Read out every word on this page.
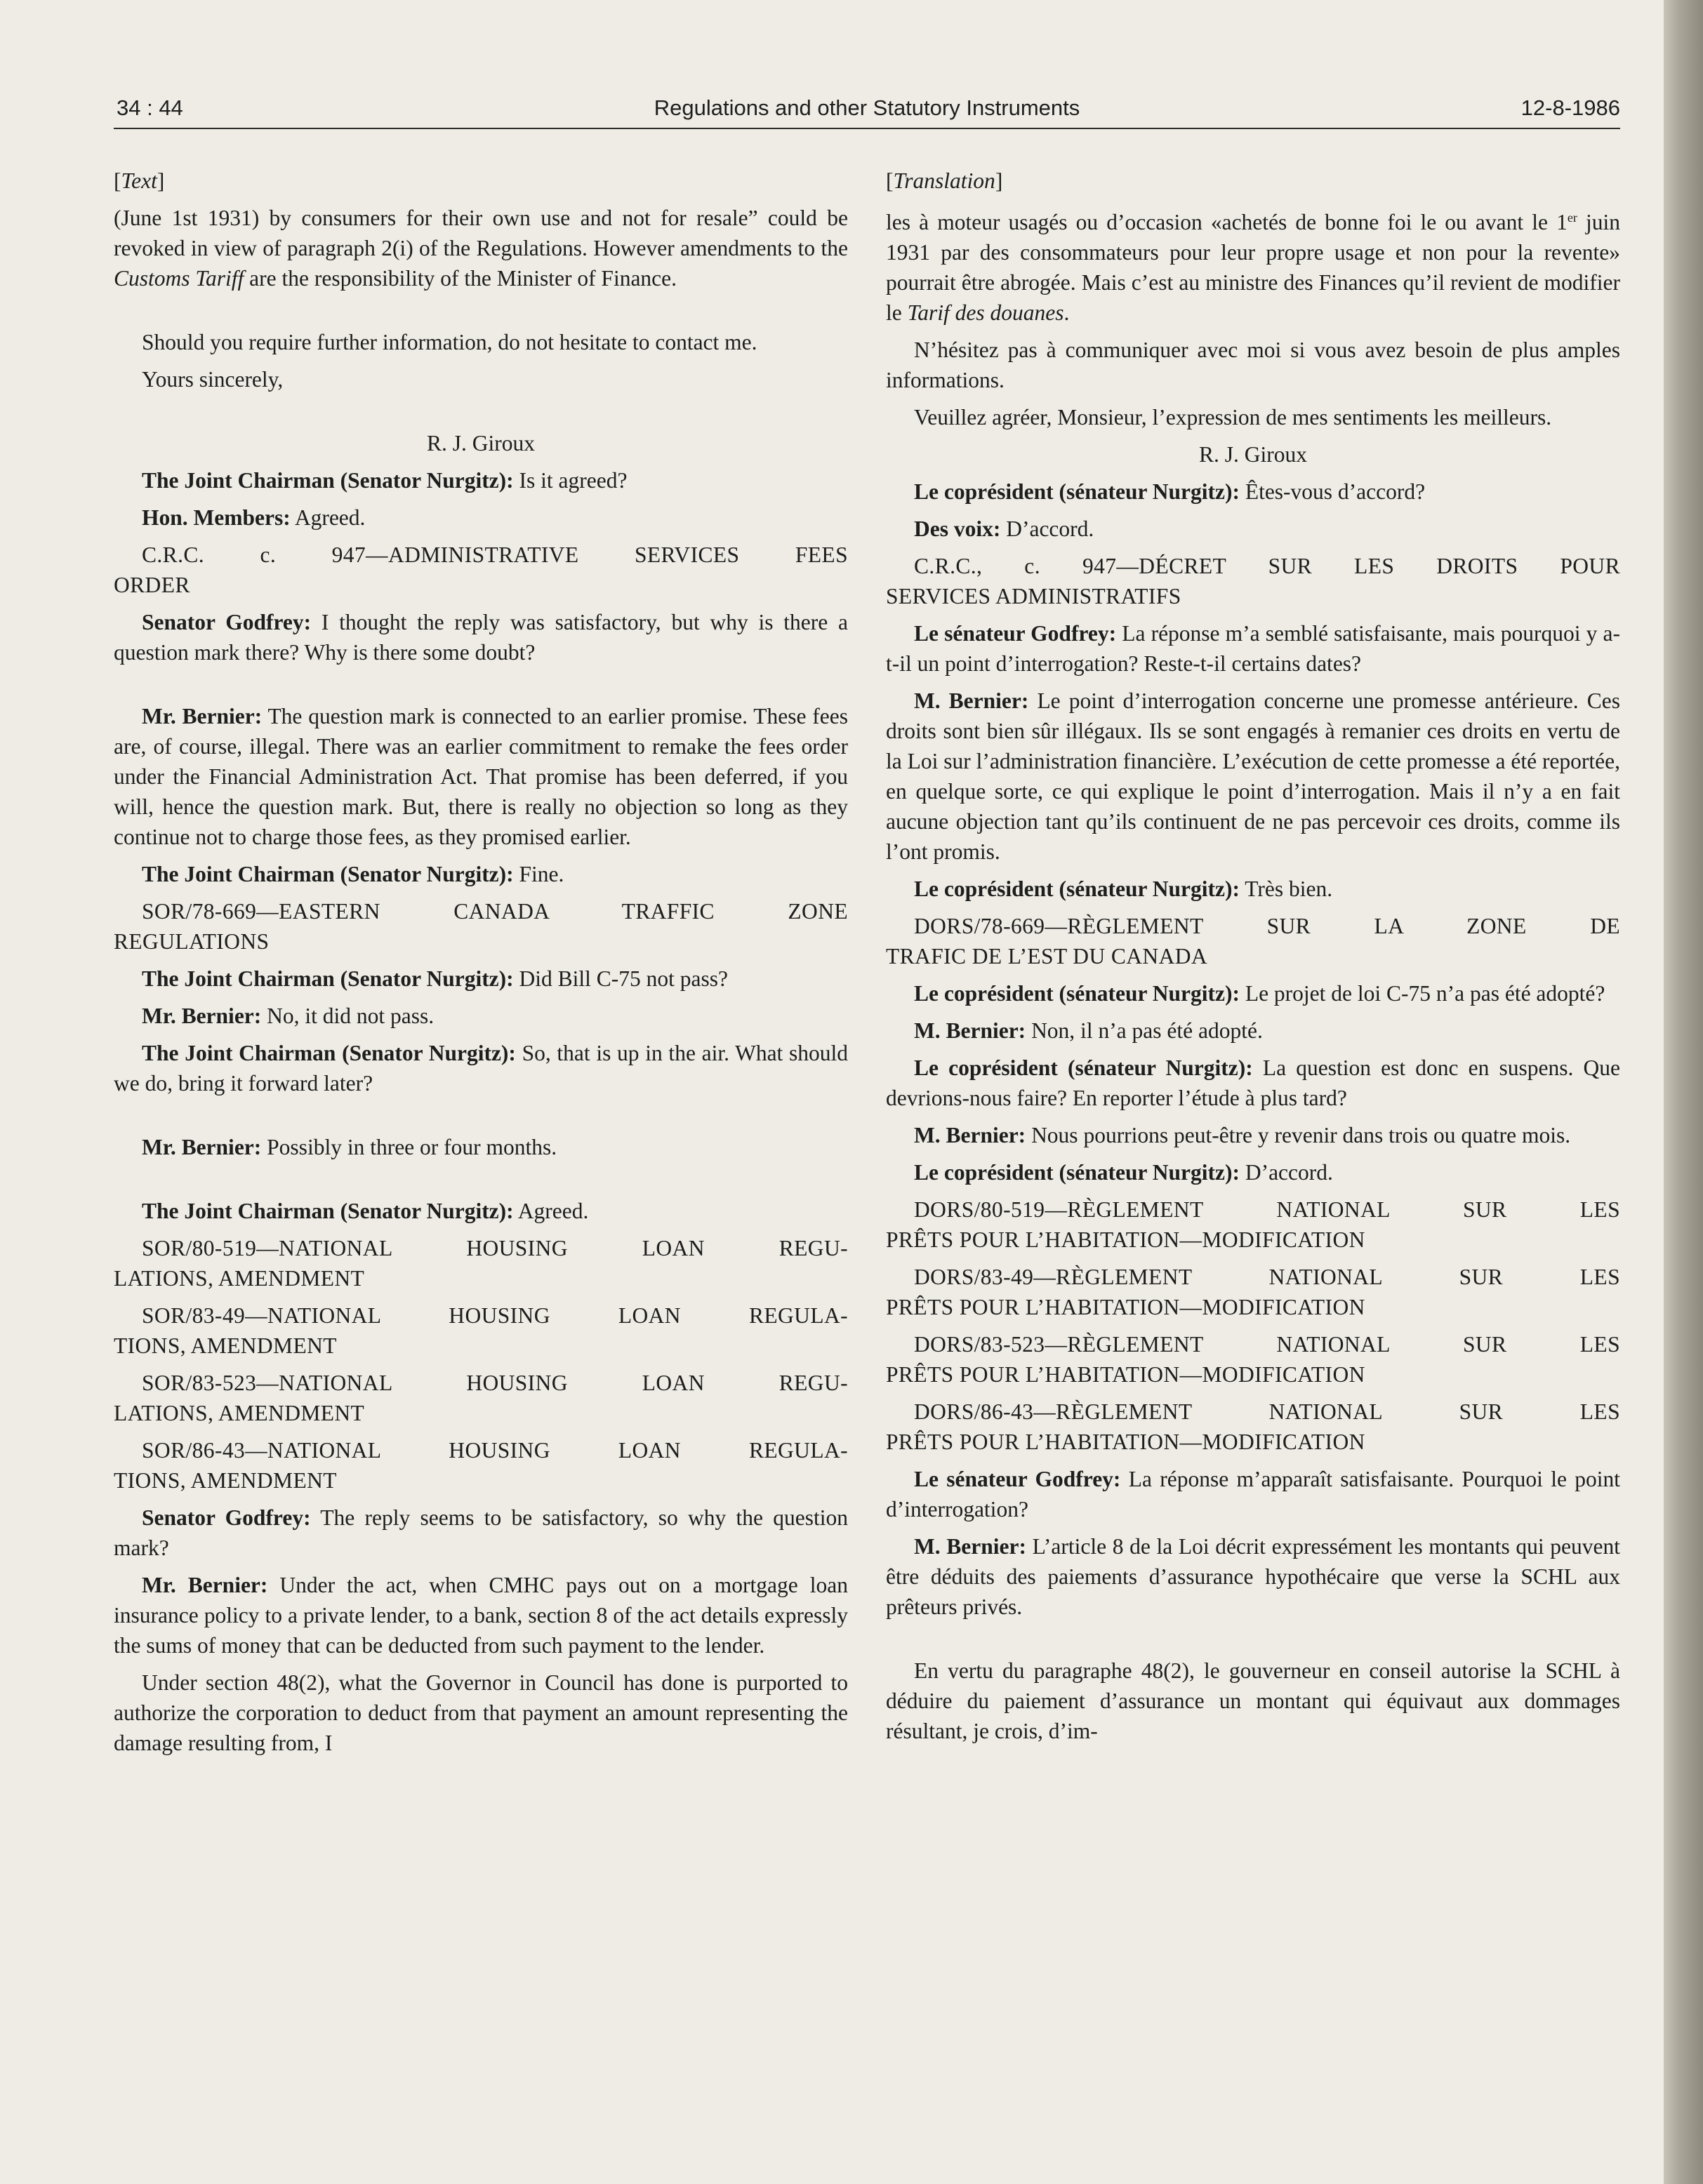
34 : 44	Regulations and other Statutory Instruments	12-8-1986

[Text]

(June 1st 1931) by consumers for their own use and not for resale” could be revoked in view of paragraph 2(i) of the Regulations. However amendments to the Customs Tariff are the responsibility of the Minister of Finance.

Should you require further information, do not hesitate to contact me.

Yours sincerely,

R. J. Giroux

The Joint Chairman (Senator Nurgitz): Is it agreed?

Hon. Members: Agreed.

C.R.C. c. 947—ADMINISTRATIVE SERVICES FEES
ORDER

Senator Godfrey: I thought the reply was satisfactory, but why is there a question mark there? Why is there some doubt?

Mr. Bernier: The question mark is connected to an earlier promise. These fees are, of course, illegal. There was an earlier commitment to remake the fees order under the Financial Administration Act. That promise has been deferred, if you will, hence the question mark. But, there is really no objection so long as they continue not to charge those fees, as they promised earlier.

The Joint Chairman (Senator Nurgitz): Fine.

SOR/78-669—EASTERN CANADA TRAFFIC ZONE
REGULATIONS

The Joint Chairman (Senator Nurgitz): Did Bill C-75 not pass?

Mr. Bernier: No, it did not pass.

The Joint Chairman (Senator Nurgitz): So, that is up in the air. What should we do, bring it forward later?

Mr. Bernier: Possibly in three or four months.

The Joint Chairman (Senator Nurgitz): Agreed.

SOR/80-519—NATIONAL HOUSING LOAN REGU -
LATIONS, AMENDMENT

SOR/83-49—NATIONAL HOUSING LOAN REGULA -
TIONS, AMENDMENT

SOR/83-523—NATIONAL HOUSING LOAN REGU -
LATIONS, AMENDMENT

SOR/86-43—NATIONAL HOUSING LOAN REGULA -
TIONS, AMENDMENT

Senator Godfrey: The reply seems to be satisfactory, so why the question mark?

Mr. Bernier: Under the act, when CMHC pays out on a mortgage loan insurance policy to a private lender, to a bank, section 8 of the act details expressly the sums of money that can be deducted from such payment to the lender.

Under section 48(2), what the Governor in Council has done is purported to authorize the corporation to deduct from that payment an amount representing the damage resulting from, I

[Translation]

les à moteur usagés ou d’occasion «achetés de bonne foi le ou avant le 1er juin 1931 par des consommateurs pour leur propre usage et non pour la revente» pourrait être abrogée. Mais c’est au ministre des Finances qu’il revient de modifier le Tarif des douanes.

N’hésitez pas à communiquer avec moi si vous avez besoin de plus amples informations.

Veuillez agréer, Monsieur, l’expression de mes sentiments les meilleurs.

R. J. Giroux

Le coprésident (sénateur Nurgitz): Êtes-vous d’accord?

Des voix: D’accord.

C.R.C., c. 947—DÉCRET SUR LES DROITS POUR
SERVICES ADMINISTRATIFS

Le sénateur Godfrey: La réponse m’a semblé satisfaisante, mais pourquoi y a-t-il un point d’interrogation? Reste-t-il certains dates?

M. Bernier: Le point d’interrogation concerne une promesse antérieure. Ces droits sont bien sûr illégaux. Ils se sont engagés à remanier ces droits en vertu de la Loi sur l’administration financière. L’exécution de cette promesse a été reportée, en quelque sorte, ce qui explique le point d’interrogation. Mais il n’y a en fait aucune objection tant qu’ils continuent de ne pas percevoir ces droits, comme ils l’ont promis.

Le coprésident (sénateur Nurgitz): Très bien.

DORS/78-669—RÈGLEMENT SUR LA ZONE DE
TRAFIC DE L’EST DU CANADA

Le coprésident (sénateur Nurgitz): Le projet de loi C-75 n’a pas été adopté?

M. Bernier: Non, il n’a pas été adopté.

Le coprésident (sénateur Nurgitz): La question est donc en suspens. Que devrions-nous faire? En reporter l’étude à plus tard?

M. Bernier: Nous pourrions peut-être y revenir dans trois ou quatre mois.

Le coprésident (sénateur Nurgitz): D’accord.

DORS/80-519—RÈGLEMENT NATIONAL SUR LES
PRÊTS POUR L’HABITATION—MODIFICATION

DORS/83-49—RÈGLEMENT NATIONAL SUR LES
PRÊTS POUR L’HABITATION—MODIFICATION

DORS/83-523—RÈGLEMENT NATIONAL SUR LES
PRÊTS POUR L’HABITATION—MODIFICATION

DORS/86-43—RÈGLEMENT NATIONAL SUR LES
PRÊTS POUR L’HABITATION—MODIFICATION

Le sénateur Godfrey: La réponse m’apparaît satisfaisante. Pourquoi le point d’interrogation?

M. Bernier: L’article 8 de la Loi décrit expressément les montants qui peuvent être déduits des paiements d’assurance hypothécaire que verse la SCHL aux prêteurs privés.

En vertu du paragraphe 48(2), le gouverneur en conseil autorise la SCHL à déduire du paiement d’assurance un montant qui équivaut aux dommages résultant, je crois, d’im-
